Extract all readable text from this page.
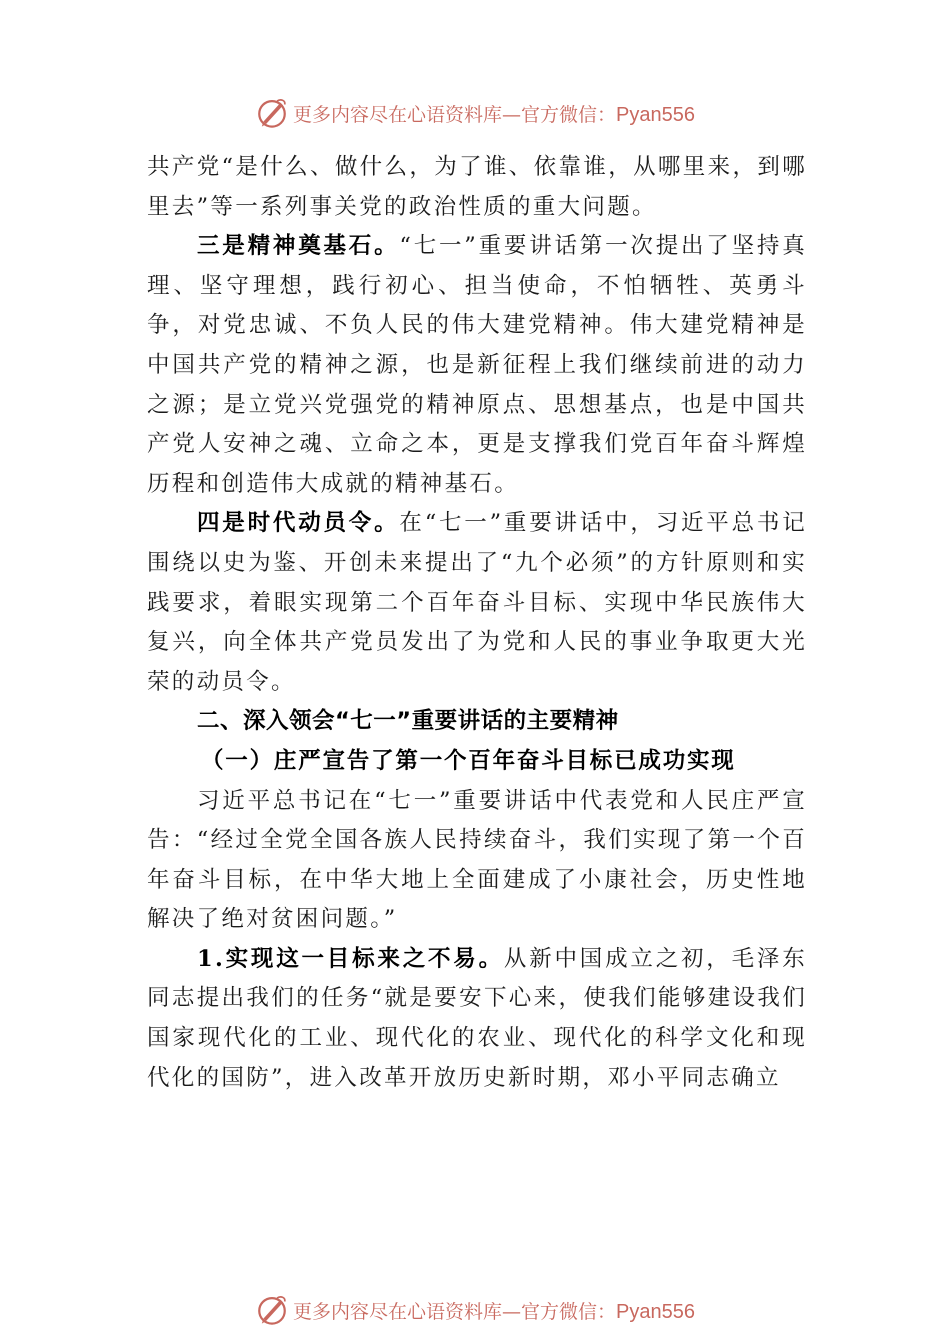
更多内容尽在心语资料库—官方微信：Pyan556

共产党“是什么、做什么，为了谁、依靠谁，从哪里来，到哪里去”等一系列事关党的政治性质的重大问题。

三是精神奠基石。“七一”重要讲话第一次提出了坚持真理、坚守理想，践行初心、担当使命，不怕牺牲、英勇斗争，对党忠诚、不负人民的伟大建党精神。伟大建党精神是中国共产党的精神之源，也是新征程上我们继续前进的动力之源；是立党兴党强党的精神原点、思想基点，也是中国共产党人安神之魂、立命之本，更是支撑我们党百年奋斗辉煌历程和创造伟大成就的精神基石。

四是时代动员令。在“七一”重要讲话中，习近平总书记围绕以史为鉴、开创未来提出了“九个必须”的方针原则和实践要求，着眼实现第二个百年奋斗目标、实现中华民族伟大复兴，向全体共产党员发出了为党和人民的事业争取更大光荣的动员令。

二、深入领会“七一”重要讲话的主要精神

（一）庄严宣告了第一个百年奋斗目标已成功实现

习近平总书记在“七一”重要讲话中代表党和人民庄严宣告：“经过全党全国各族人民持续奋斗，我们实现了第一个百年奋斗目标，在中华大地上全面建成了小康社会，历史性地解决了绝对贫困问题。”

1.实现这一目标来之不易。从新中国成立之初，毛泽东同志提出我们的任务“就是要安下心来，使我们能够建设我们国家现代化的工业、现代化的农业、现代化的科学文化和现代化的国防”，进入改革开放历史新时期，邓小平同志确立

更多内容尽在心语资料库—官方微信：Pyan556
